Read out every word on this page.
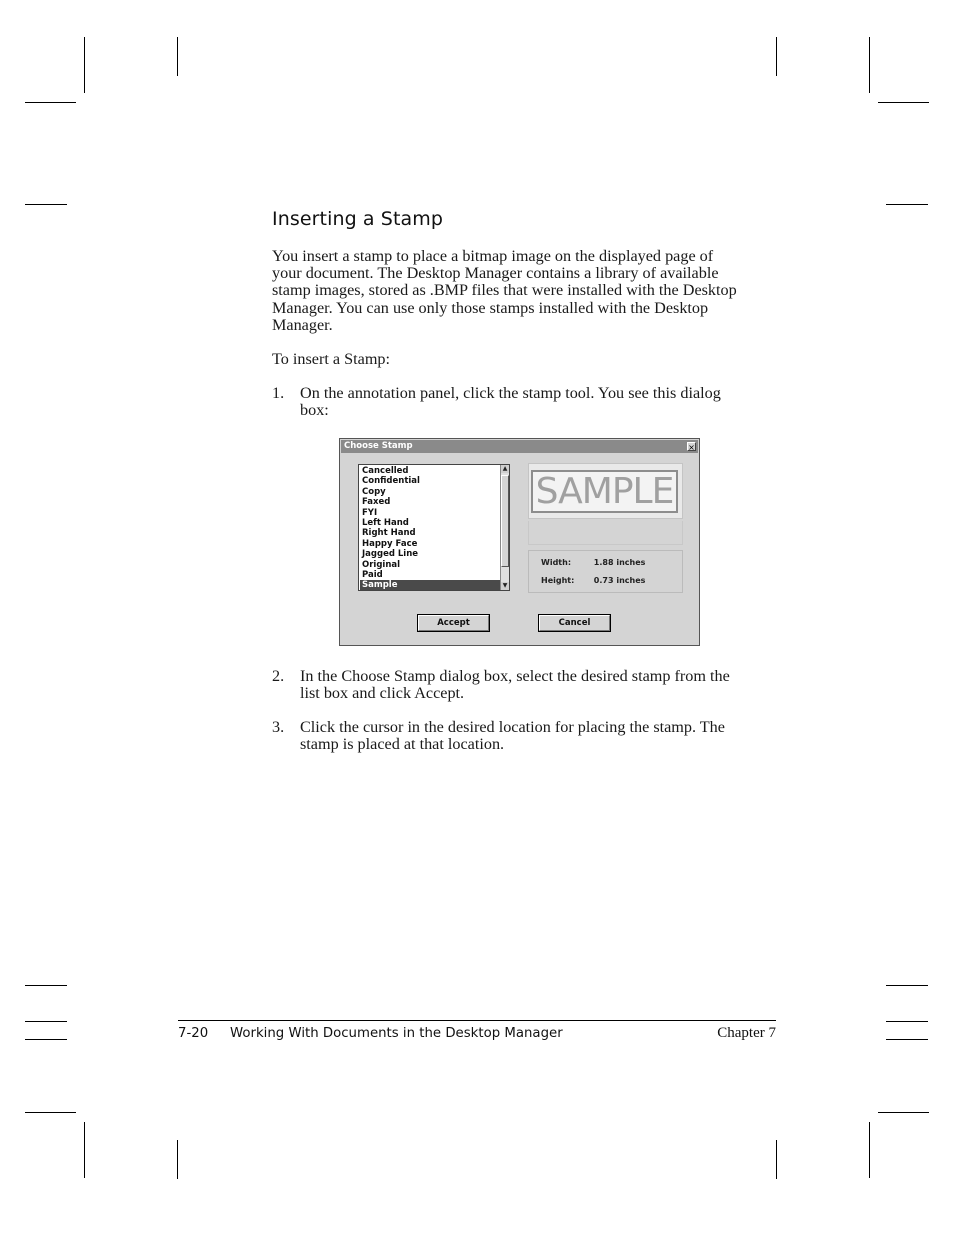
Inserting a Stamp
You insert a stamp to place a bitmap image on the displayed page of
your document. The Desktop Manager contains a library of available
stamp images, stored as .BMP files that were installed with the Desktop
Manager. You can use only those stamps installed with the Desktop
Manager.
To insert a Stamp:
1. On the annotation panel, click the stamp tool. You see this dialog
box:
Choose Stamp	×
Cancelled
Confidential
Copy
Faxed
FYI
Left Hand
Right Hand
Happy Face
Jagged Line
Original
Paid
Sample
▲
▼
SAMPLE
Width:	1.88 inches
Height: 0.73 inches
Accept	Cancel
2. In the Choose Stamp dialog box, select the desired stamp from the
list box and click Accept.
3. Click the cursor in the desired location for placing the stamp. The
stamp is placed at that location.
7-20 Working With Documents in the Desktop Manager	Chapter 7
